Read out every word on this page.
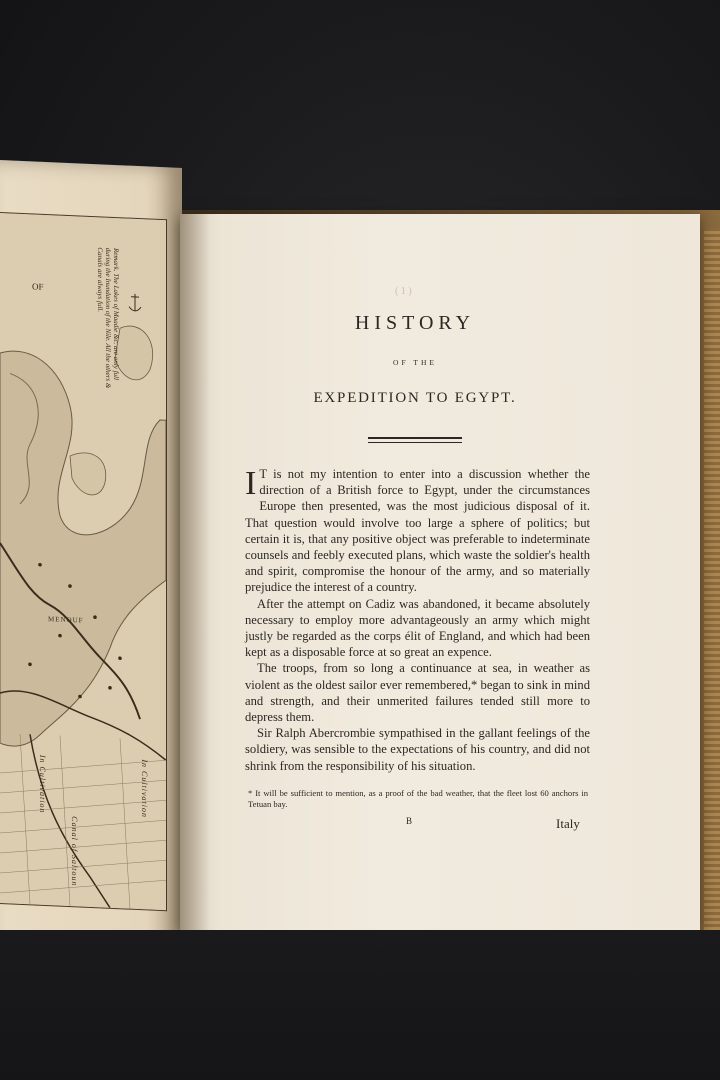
OF	Remark. The Lakes of Maadie &c. are only full during the Inundation of the Nile. All the others & Canals are always full.
In Cultivation	In Cultivation
Canal of Saltoun
MENOUF
( 1 )
HISTORY
OF THE
EXPEDITION TO EGYPT.

I T is not my intention to enter into a discussion whether the direction of a British force to Egypt, under the circumstances Europe then presented, was the most judicious disposal of it. That question would involve too large a sphere of politics; but certain it is, that any positive object was preferable to indeterminate counsels and feebly executed plans, which waste the soldier's health and spirit, compromise the honour of the army, and so materially prejudice the interest of a country.

After the attempt on Cadiz was abandoned, it became absolutely necessary to employ more advantageously an army which might justly be regarded as the corps élit of England, and which had been kept as a disposable force at so great an expence.

The troops, from so long a continuance at sea, in weather as violent as the oldest sailor ever remembered,* began to sink in mind and strength, and their unmerited failures tended still more to depress them.

Sir Ralph Abercrombie sympathised in the gallant feelings of the soldiery, was sensible to the expectations of his country, and did not shrink from the responsibility of his situation.

* It will be sufficient to mention, as a proof of the bad weather, that the fleet lost 60 anchors in Tetuan bay.
B	Italy
